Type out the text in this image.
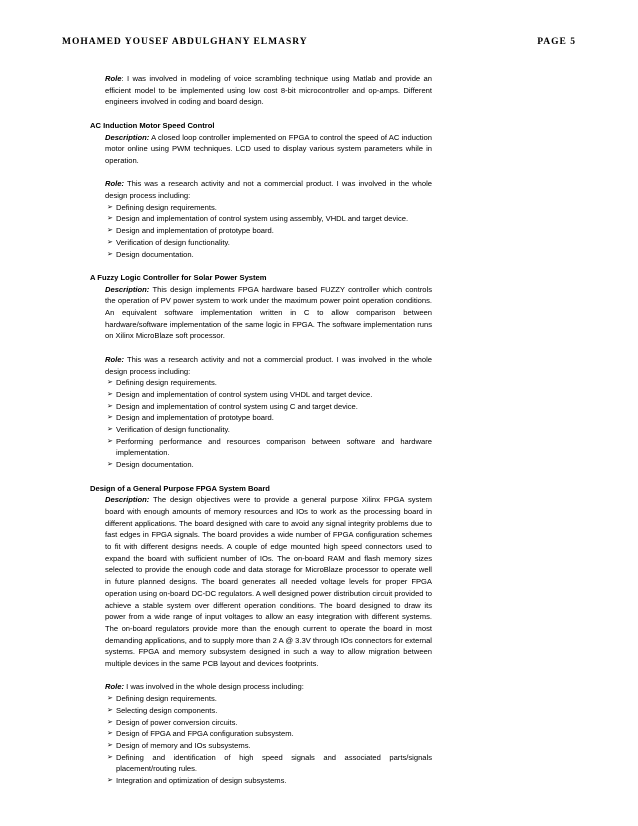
MOHAMED YOUSEF ABDULGHANY ELMASRY	PAGE 5

Role: I was involved in modeling of voice scrambling technique using Matlab and provide an efficient model to be implemented using low cost 8-bit microcontroller and op-amps. Different engineers involved in coding and board design.

AC Induction Motor Speed Control

Description: A closed loop controller implemented on FPGA to control the speed of AC induction motor online using PWM techniques. LCD used to display various system parameters while in operation.

Role: This was a research activity and not a commercial product. I was involved in the whole design process including:

➢ Defining design requirements.
➢ Design and implementation of control system using assembly, VHDL and target device.
➢ Design and implementation of prototype board.
➢ Verification of design functionality.
➢ Design documentation.

A Fuzzy Logic Controller for Solar Power System

Description: This design implements FPGA hardware based FUZZY controller which controls the operation of PV power system to work under the maximum power point operation conditions. An equivalent software implementation written in C to allow comparison between hardware/software implementation of the same logic in FPGA. The software implementation runs on Xilinx MicroBlaze soft processor.

Role: This was a research activity and not a commercial product. I was involved in the whole design process including:

➢ Defining design requirements.
➢ Design and implementation of control system using VHDL and target device.
➢ Design and implementation of control system using C and target device.
➢ Design and implementation of prototype board.
➢ Verification of design functionality.
➢ Performing performance and resources comparison between software and hardware implementation.
➢ Design documentation.

Design of a General Purpose FPGA System Board

Description: The design objectives were to provide a general purpose Xilinx FPGA system board with enough amounts of memory resources and IOs to work as the processing board in different applications. The board designed with care to avoid any signal integrity problems due to fast edges in FPGA signals. The board provides a wide number of FPGA configuration schemes to fit with different designs needs. A couple of edge mounted high speed connectors used to expand the board with sufficient number of IOs. The on-board RAM and flash memory sizes selected to provide the enough code and data storage for MicroBlaze processor to operate well in future planned designs. The board generates all needed voltage levels for proper FPGA operation using on-board DC-DC regulators. A well designed power distribution circuit provided to achieve a stable system over different operation conditions. The board designed to draw its power from a wide range of input voltages to allow an easy integration with different systems. The on-board regulators provide more than the enough current to operate the board in most demanding applications, and to supply more than 2 A @ 3.3V through IOs connectors for external systems. FPGA and memory subsystem designed in such a way to allow migration between multiple devices in the same PCB layout and devices footprints.

Role: I was involved in the whole design process including:

➢ Defining design requirements.
➢ Selecting design components.
➢ Design of power conversion circuits.
➢ Design of FPGA and FPGA configuration subsystem.
➢ Design of memory and IOs subsystems.
➢ Defining and identification of high speed signals and associated parts/signals placement/routing rules.
➢ Integration and optimization of design subsystems.
